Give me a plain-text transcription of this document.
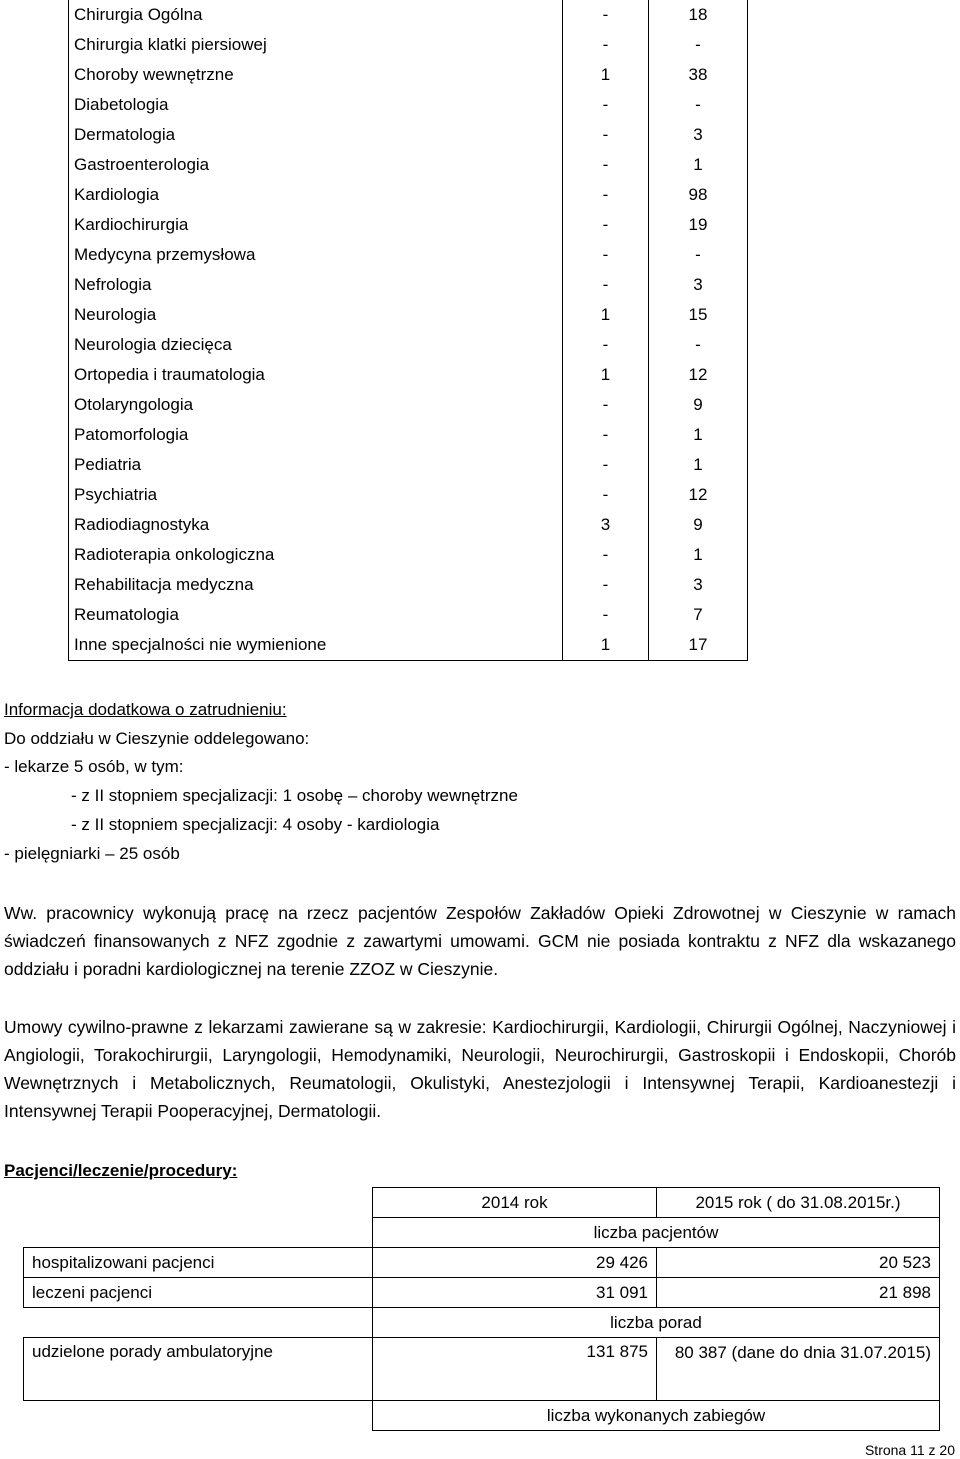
Chirurgia Ogólna	-	18
Chirurgia klatki piersiowej	-	-
Choroby wewnętrzne	1	38
Diabetologia	-	-
Dermatologia	-	3
Gastroenterologia	-	1
Kardiologia	-	98
Kardiochirurgia	-	19
Medycyna przemysłowa	-	-
Nefrologia	-	3
Neurologia	1	15
Neurologia dziecięca	-	-
Ortopedia i traumatologia	1	12
Otolaryngologia	-	9
Patomorfologia	-	1
Pediatria	-	1
Psychiatria	-	12
Radiodiagnostyka	3	9
Radioterapia onkologiczna	-	1
Rehabilitacja medyczna	-	3
Reumatologia	-	7
Inne specjalności nie wymienione	1	17
Informacja dodatkowa o zatrudnieniu:
Do oddziału w Cieszynie oddelegowano:
- lekarze 5 osób, w tym:
- z II stopniem specjalizacji: 1 osobę – choroby wewnętrzne
- z II stopniem specjalizacji: 4 osoby - kardiologia
- pielęgniarki – 25 osób
Ww. pracownicy wykonują pracę na rzecz pacjentów Zespołów Zakładów Opieki Zdrowotnej w Cieszynie w ramach świadczeń finansowanych z NFZ zgodnie z zawartymi umowami. GCM nie posiada kontraktu z NFZ dla wskazanego oddziału i poradni kardiologicznej na terenie ZZOZ w Cieszynie.
Umowy cywilno-prawne z lekarzami zawierane są w zakresie: Kardiochirurgii, Kardiologii, Chirurgii Ogólnej, Naczyniowej i Angiologii, Torakochirurgii, Laryngologii, Hemodynamiki, Neurologii, Neurochirurgii, Gastroskopii i Endoskopii, Chorób Wewnętrznych i Metabolicznych, Reumatologii, Okulistyki, Anestezjologii i Intensywnej Terapii, Kardioanestezji i Intensywnej Terapii Pooperacyjnej, Dermatologii.
Pacjenci/leczenie/procedury:
	2014 rok	2015 rok ( do 31.08.2015r.)
	liczba pacjentów	
hospitalizowani pacjenci	29 426	20 523
leczeni pacjenci	31 091	21 898
	liczba porad	
udzielone porady ambulatoryjne	131 875	80 387 (dane do dnia 31.07.2015)
	liczba wykonanych zabiegów	
Strona 11 z 20
